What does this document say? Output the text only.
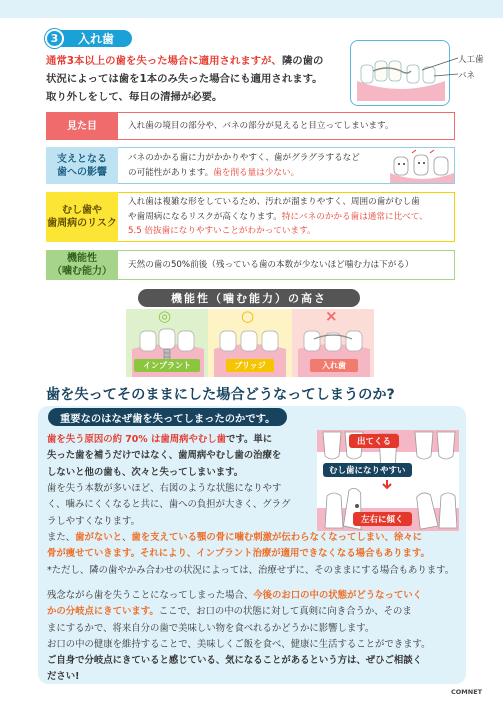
3	入れ歯
通常3本以上の歯を失った場合に適用されますが、隣の歯の
状況によっては歯を1本のみ失った場合にも適用されます。
取り外しをして、毎日の清掃が必要。
人工歯
バネ
見た目	入れ歯の境目の部分や、バネの部分が見えると目立ってしまいます。
支えとなる
歯への影響
バネのかかる歯に力がかかりやすく、歯がグラグラするなど
の可能性があります。歯を削る量は少ない。
むし歯や
歯周病のリスク
入れ歯は複雑な形をしているため、汚れが溜まりやすく、周囲の歯がむし歯
や歯周病になるリスクが高くなります。特にバネのかかる歯は通常に比べて、
5.5 倍抜歯になりやすいことがわかっています。
機能性
（噛む能力）
天然の歯の50%前後（残っている歯の本数が少ないほど噛む力は下がる）
機能性（噛む能力）の高さ
◎	○	×
インプラント	ブリッジ	入れ歯
歯を失ってそのままにした場合どうなってしまうのか?
重要なのはなぜ歯を失ってしまったのかです。
出てくる
むし歯になりやすい
左右に傾く
歯を失う原因の約 70% は歯周病やむし歯です。単に
失った歯を補うだけではなく、歯周病やむし歯の治療を
しないと他の歯も、次々と失ってしまいます。
歯を失う本数が多いほど、右図のような状態になりやす
く、噛みにくくなると共に、歯への負担が大きく、グラグ
ラしやすくなります。
また、歯がないと、歯を支えている顎の骨に噛む刺激が伝わらなくなってしまい、徐々に
骨が痩せていきます。それにより、インプラント治療が適用できなくなる場合もあります。
*ただし、隣の歯やかみ合わせの状況によっては、治療せずに、そのままにする場合もあります。
残念ながら歯を失うことになってしまった場合、今後のお口の中の状態がどうなっていく
かの分岐点にきています。ここで、お口の中の状態に対して真剣に向き合うか、そのま
まにするかで、将来自分の歯で美味しい物を食べれるかどうかに影響します。
お口の中の健康を維持することで、美味しくご飯を食べ、健康に生活することができます。
ご自身で分岐点にきていると感じている、気になることがあるという方は、ぜひご相談く
ださい!
COMNET
